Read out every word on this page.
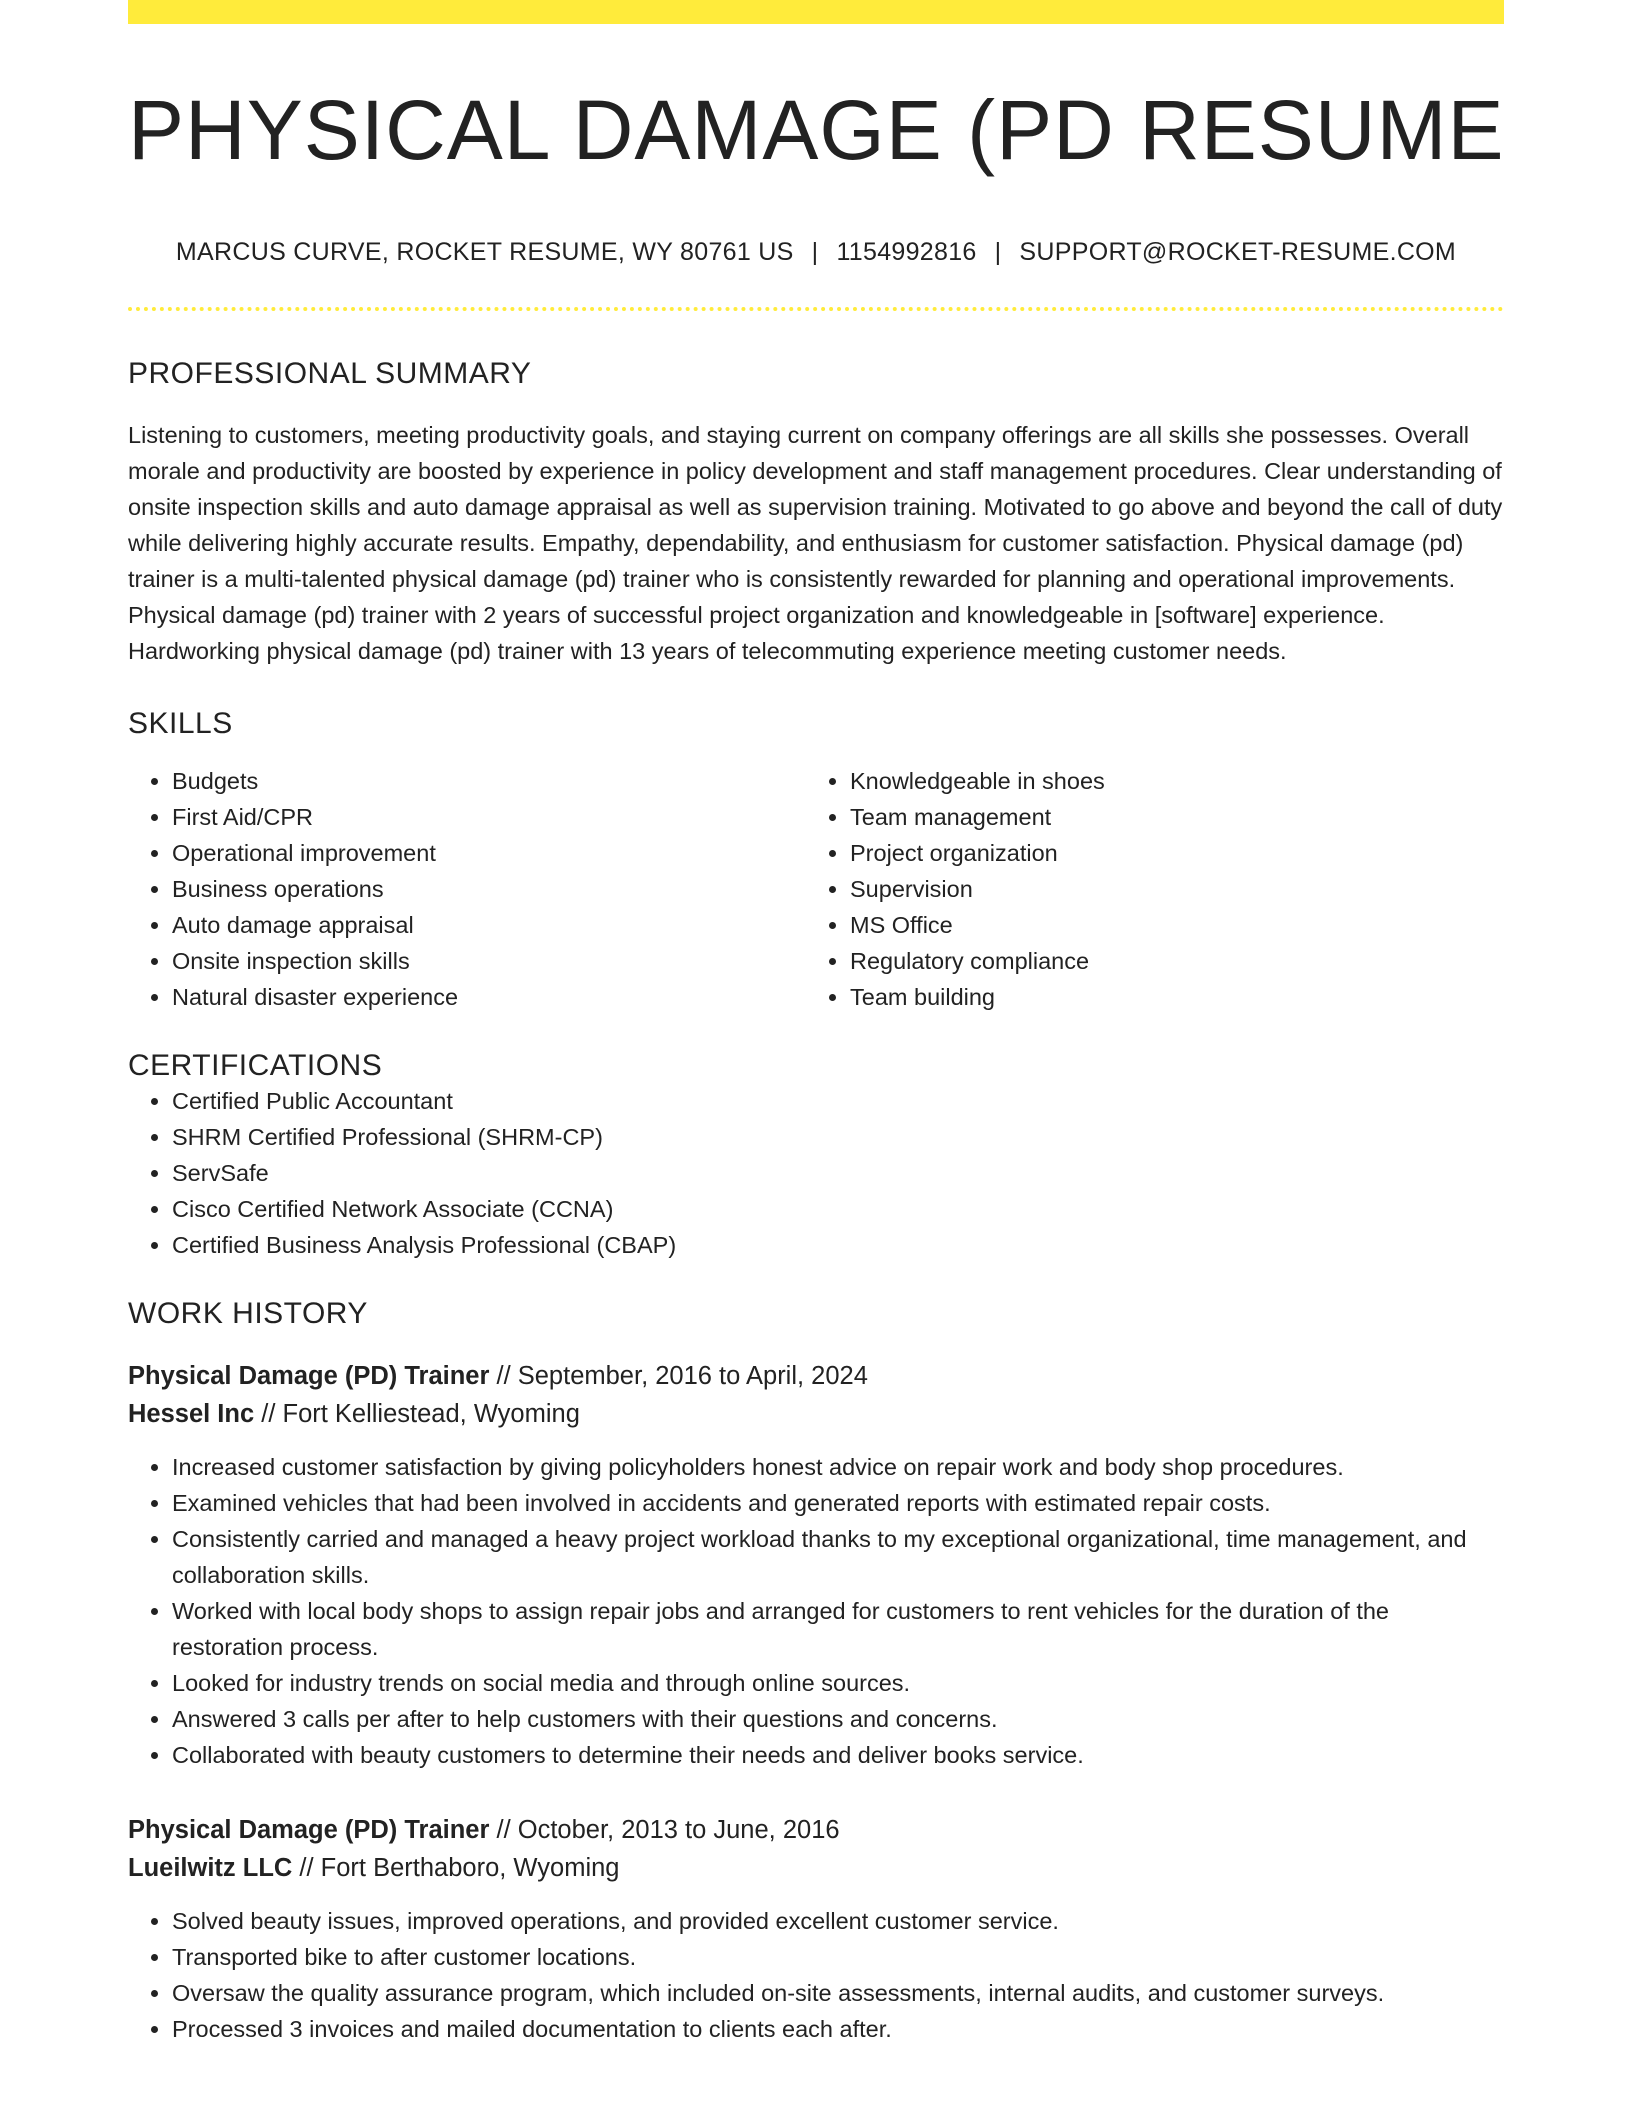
PHYSICAL DAMAGE (PD RESUME
MARCUS CURVE, ROCKET RESUME, WY 80761 US | 1154992816 | SUPPORT@ROCKET-RESUME.COM
PROFESSIONAL SUMMARY

Listening to customers, meeting productivity goals, and staying current on company offerings are all skills she possesses. Overall morale and productivity are boosted by experience in policy development and staff management procedures. Clear understanding of onsite inspection skills and auto damage appraisal as well as supervision training. Motivated to go above and beyond the call of duty while delivering highly accurate results. Empathy, dependability, and enthusiasm for customer satisfaction. Physical damage (pd) trainer is a multi-talented physical damage (pd) trainer who is consistently rewarded for planning and operational improvements. Physical damage (pd) trainer with 2 years of successful project organization and knowledgeable in [software] experience. Hardworking physical damage (pd) trainer with 13 years of telecommuting experience meeting customer needs.

SKILLS
• Budgets
• First Aid/CPR
• Operational improvement
• Business operations
• Auto damage appraisal
• Onsite inspection skills
• Natural disaster experience
• Knowledgeable in shoes
• Team management
• Project organization
• Supervision
• MS Office
• Regulatory compliance
• Team building
CERTIFICATIONS
• Certified Public Accountant
• SHRM Certified Professional (SHRM-CP)
• ServSafe
• Cisco Certified Network Associate (CCNA)
• Certified Business Analysis Professional (CBAP)
WORK HISTORY
Physical Damage (PD) Trainer // September, 2016 to April, 2024
Hessel Inc // Fort Kelliestead, Wyoming
• Increased customer satisfaction by giving policyholders honest advice on repair work and body shop procedures.
• Examined vehicles that had been involved in accidents and generated reports with estimated repair costs.
• Consistently carried and managed a heavy project workload thanks to my exceptional organizational, time management, and collaboration skills.
• Worked with local body shops to assign repair jobs and arranged for customers to rent vehicles for the duration of the restoration process.
• Looked for industry trends on social media and through online sources.
• Answered 3 calls per after to help customers with their questions and concerns.
• Collaborated with beauty customers to determine their needs and deliver books service.
Physical Damage (PD) Trainer // October, 2013 to June, 2016
Lueilwitz LLC // Fort Berthaboro, Wyoming
• Solved beauty issues, improved operations, and provided excellent customer service.
• Transported bike to after customer locations.
• Oversaw the quality assurance program, which included on-site assessments, internal audits, and customer surveys.
• Processed 3 invoices and mailed documentation to clients each after.
